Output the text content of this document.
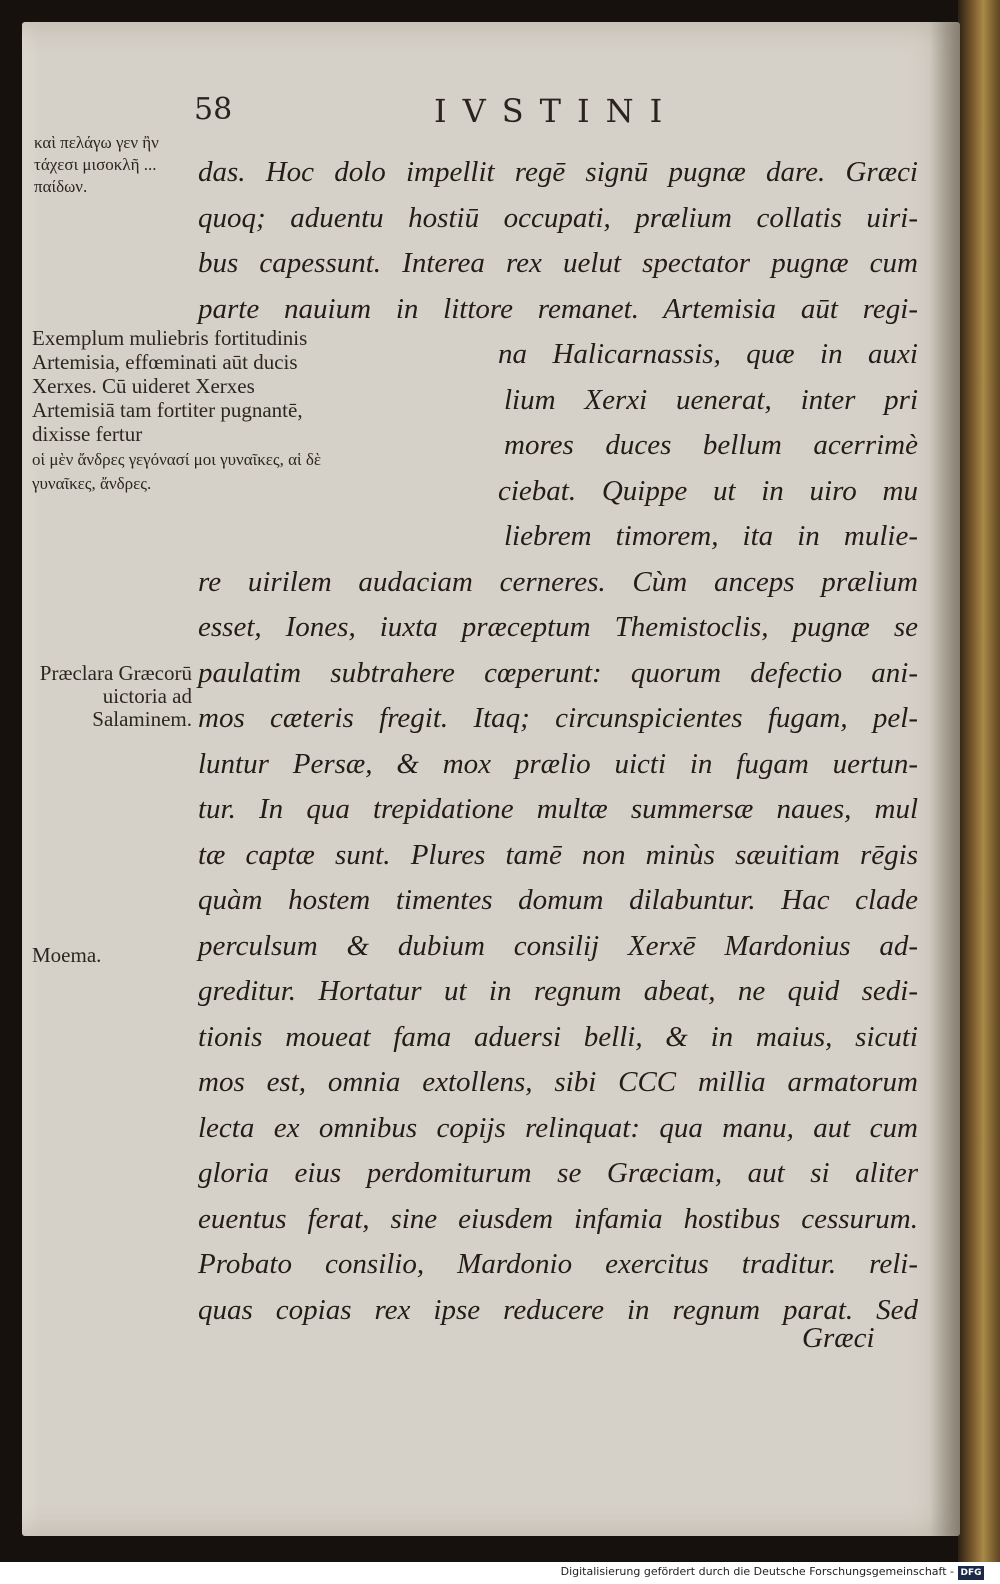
58	IVSTINI
καὶ πελάγω γεν ἢν τάχεσι μισοκλῆ ... παίδων.
Exemplum muliebris fortitudinis Artemisia, effœminati aūt ducis Xerxes. Cū uideret Xerxes Artemisiā tam fortiter pugnantē, dixisse fertur
οἱ μὲν ἄνδρες γεγόνασί μοι γυναῖκες, αἱ δὲ γυναῖκες, ἄνδρες.
Præclara Græcorū uictoria ad Salaminem.
Moema.
das. Hoc dolo impellit regē signū pugnæ dare. Græci
quoq; aduentu hostiū occupati, prælium collatis uiri-
bus capessunt. Interea rex uelut spectator pugnæ cum
parte nauium in littore remanet. Artemisia aūt regi-
na Halicarnassis, quæ in auxi
lium Xerxi uenerat, inter pri
mores duces bellum acerrimè
ciebat. Quippe ut in uiro mu
liebrem timorem, ita in mulie-
re uirilem audaciam cerneres. Cùm anceps prælium
esset, Iones, iuxta præceptum Themistoclis, pugnæ se
paulatim subtrahere cœperunt: quorum defectio ani-
mos cæteris fregit. Itaq; circunspicientes fugam, pel-
luntur Persæ, & mox prælio uicti in fugam uertun-
tur. In qua trepidatione multæ summersæ naues, mul
tæ captæ sunt. Plures tamē non minùs sæuitiam rēgis
quàm hostem timentes domum dilabuntur. Hac clade
perculsum & dubium consilij Xerxē Mardonius ad-
greditur. Hortatur ut in regnum abeat, ne quid sedi-
tionis moueat fama aduersi belli, & in maius, sicuti
mos est, omnia extollens, sibi CCC millia armatorum
lecta ex omnibus copijs relinquat: qua manu, aut cum
gloria eius perdomiturum se Græciam, aut si aliter
euentus ferat, sine eiusdem infamia hostibus cessurum.
Probato consilio, Mardonio exercitus traditur. reli-
quas copias rex ipse reducere in regnum parat. Sed
Græci
Digitalisierung gefördert durch die Deutsche Forschungsgemeinschaft - DFG
